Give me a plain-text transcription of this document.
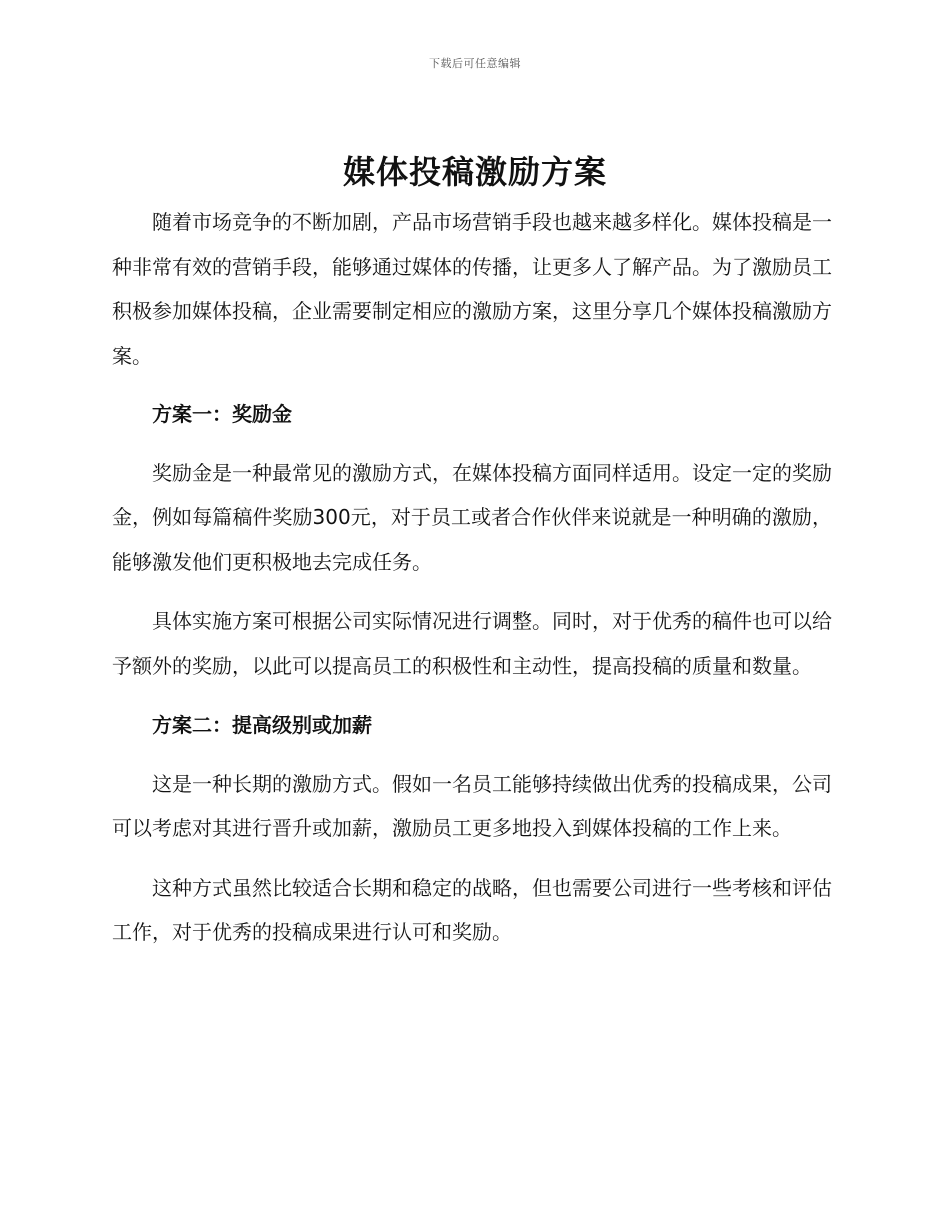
下载后可任意编辑
媒体投稿激励方案

随着市场竞争的不断加剧，产品市场营销手段也越来越多样化。媒体投稿是一种非常有效的营销手段，能够通过媒体的传播，让更多人了解产品。为了激励员工积极参加媒体投稿，企业需要制定相应的激励方案，这里分享几个媒体投稿激励方案。

方案一：奖励金

奖励金是一种最常见的激励方式，在媒体投稿方面同样适用。设定一定的奖励金，例如每篇稿件奖励300元，对于员工或者合作伙伴来说就是一种明确的激励，能够激发他们更积极地去完成任务。

具体实施方案可根据公司实际情况进行调整。同时，对于优秀的稿件也可以给予额外的奖励，以此可以提高员工的积极性和主动性，提高投稿的质量和数量。

方案二：提高级别或加薪

这是一种长期的激励方式。假如一名员工能够持续做出优秀的投稿成果，公司可以考虑对其进行晋升或加薪，激励员工更多地投入到媒体投稿的工作上来。

这种方式虽然比较适合长期和稳定的战略，但也需要公司进行一些考核和评估工作，对于优秀的投稿成果进行认可和奖励。
